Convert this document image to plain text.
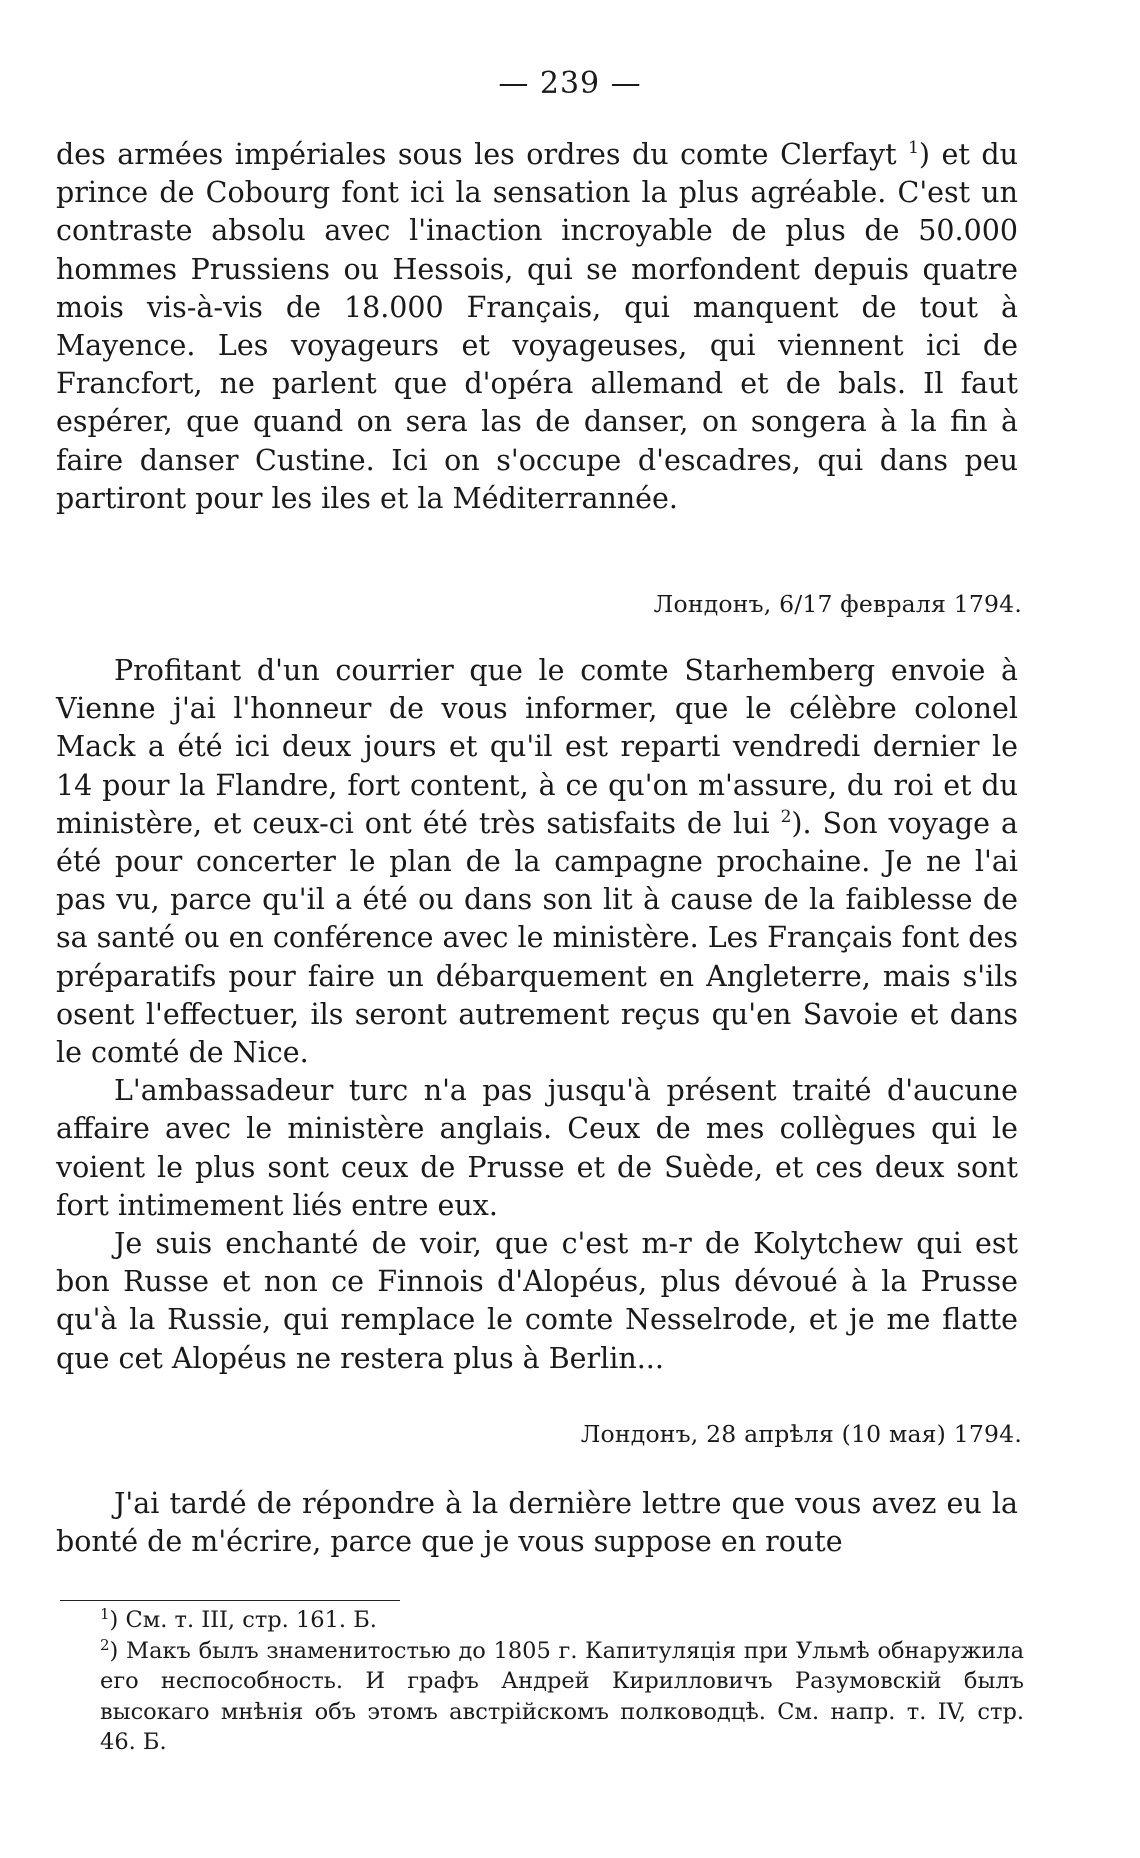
— 239 —

des armées impériales sous les ordres du comte Clerfayt $^1$) et du prince de Cobourg font ici la sensation la plus agréable. C'est un contraste absolu avec l'inaction incroyable de plus de 50.000 hommes Prussiens ou Hessois, qui se morfondent depuis quatre mois vis-à-vis de 18.000 Français, qui manquent de tout à Mayence. Les voyageurs et voyageuses, qui viennent ici de Francfort, ne parlent que d'opéra allemand et de bals. Il faut espérer, que quand on sera las de danser, on songera à la fin à faire danser Custine. Ici on s'occupe d'escadres, qui dans peu partiront pour les iles et la Méditerrannée.

Лондонъ, 6/17 февраля 1794.

Profitant d'un courrier que le comte Starhemberg envoie à Vienne j'ai l'honneur de vous informer, que le célèbre colonel Mack a été ici deux jours et qu'il est reparti vendredi dernier le 14 pour la Flandre, fort content, à ce qu'on m'assure, du roi et du ministère, et ceux-ci ont été très satisfaits de lui $^2$). Son voyage a été pour concerter le plan de la campagne prochaine. Je ne l'ai pas vu, parce qu'il a été ou dans son lit à cause de la faiblesse de sa santé ou en conférence avec le ministère. Les Français font des préparatifs pour faire un débarquement en Angleterre, mais s'ils osent l'effectuer, ils seront autrement reçus qu'en Savoie et dans le comté de Nice.

L'ambassadeur turc n'a pas jusqu'à présent traité d'aucune affaire avec le ministère anglais. Ceux de mes collègues qui le voient le plus sont ceux de Prusse et de Suède, et ces deux sont fort intimement liés entre eux.

Je suis enchanté de voir, que c'est m-r de Kolytchew qui est bon Russe et non ce Finnois d'Alopéus, plus dévoué à la Prusse qu'à la Russie, qui remplace le comte Nesselrode, et je me flatte que cet Alopéus ne restera plus à Berlin...

Лондонъ, 28 апрѣля (10 мая) 1794.

J'ai tardé de répondre à la dernière lettre que vous avez eu la bonté de m'écrire, parce que je vous suppose en route

$^1$) См. т. III, стр. 161. Б.

$^2$) Макъ былъ знаменитостью до 1805 г. Капитуляція при Ульмѣ обнаружила его неспособность. И графъ Андрей Кирилловичъ Разумовскій былъ высокаго мнѣнія объ этомъ австрійскомъ полководцѣ. См. напр. т. IV, стр. 46. Б.
